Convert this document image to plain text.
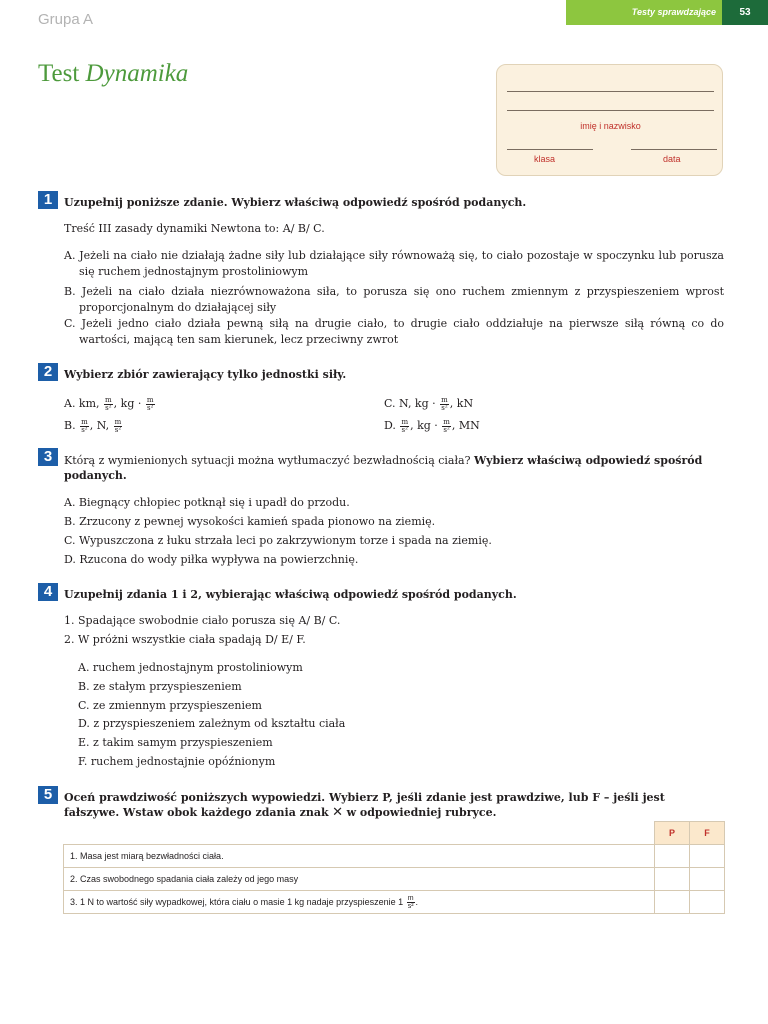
Grupa A	Testy sprawdzające	53
Test Dynamika
imię i nazwisko
klasa	data
1	Uzupełnij poniższe zdanie. Wybierz właściwą odpowiedź spośród podanych.
Treść III zasady dynamiki Newtona to: A/ B/ C.
A. Jeżeli na ciało nie działają żadne siły lub działające siły równoważą się, to ciało pozostaje w spoczynku lub porusza się ruchem jednostajnym prostoliniowym
B. Jeżeli na ciało działa niezrównoważona siła, to porusza się ono ruchem zmiennym z przyspieszeniem wprost proporcjonalnym do działającej siły
C. Jeżeli jedno ciało działa pewną siłą na drugie ciało, to drugie ciało oddziałuje na pierwsze siłą równą co do wartości, mającą ten sam kierunek, lecz przeciwny zwrot
2	Wybierz zbiór zawierający tylko jednostki siły.
A. km, $\frac{m}{\text{s²}}$ , kg · $\frac{m}{\text{s²}}$	C. N, kg · $\frac{m}{\text{s²}}$ , kN
B. $\frac{m}{\text{s²}}$ , N, $\frac{m}{\text{s²}}$	D. $\frac{m}{\text{s²}}$ , kg · $\frac{m}{\text{s²}}$ , MN
3	Którą z wymienionych sytuacji można wytłumaczyć bezwładnością ciała? Wybierz właściwą odpowiedź spośród podanych.
A. Biegnący chłopiec potknął się i upadł do przodu.
B. Zrzucony z pewnej wysokości kamień spada pionowo na ziemię.
C. Wypuszczona z łuku strzała leci po zakrzywionym torze i spada na ziemię.
D. Rzucona do wody piłka wypływa na powierzchnię.
4	Uzupełnij zdania 1 i 2, wybierając właściwą odpowiedź spośród podanych.
1. Spadające swobodnie ciało porusza się A/ B/ C.
2. W próżni wszystkie ciała spadają D/ E/ F.
A. ruchem jednostajnym prostoliniowym
B. ze stałym przyspieszeniem
C. ze zmiennym przyspieszeniem
D. z przyspieszeniem zależnym od kształtu ciała
E. z takim samym przyspieszeniem
F. ruchem jednostajnie opóźnionym
5	Oceń prawdziwość poniższych wypowiedzi. Wybierz P, jeśli zdanie jest prawdziwe, lub F – jeśli jest
fałszywe. Wstaw obok każdego zdania znak ✕ w odpowiedniej rubryce.
	P	F
1. Masa jest miarą bezwładności ciała.		
2. Czas swobodnego spadania ciała zależy od jego masy		
3. 1 N to wartość siły wypadkowej, która ciału o masie 1 kg nadaje przyspieszenie $1 \frac{m}{\text{s²}}$ .		
